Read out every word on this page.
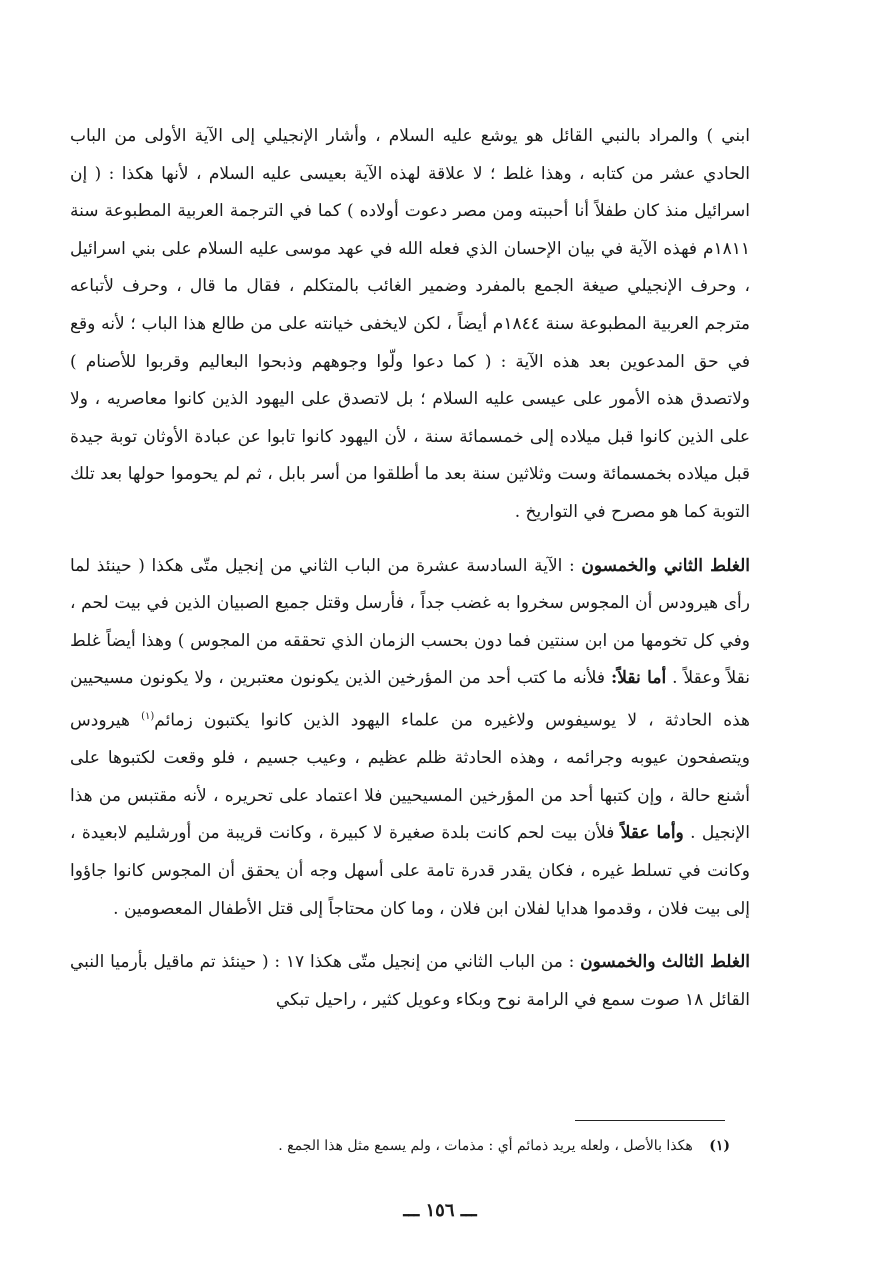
ابني ) والمراد بالنبي القائل هو يوشع عليه السلام ، وأشار الإنجيلي إلى الآية الأولى من الباب الحادي عشر من كتابه ، وهذا غلط ؛ لا علاقة لهذه الآية بعيسى عليه السلام ، لأنها هكذا : ( إن اسرائيل منذ كان طفلاً أنا أحببته ومن مصر دعوت أولاده ) كما في الترجمة العربية المطبوعة سنة ١٨١١م فهذه الآية في بيان الإحسان الذي فعله الله في عهد موسى عليه السلام على بني اسرائيل ، وحرف الإنجيلي صيغة الجمع بالمفرد وضمير الغائب بالمتكلم ، فقال ما قال ، وحرف لأتباعه مترجم العربية المطبوعة سنة ١٨٤٤م أيضاً ، لكن لايخفى خيانته على من طالع هذا الباب ؛ لأنه وقع في حق المدعوين بعد هذه الآية : ( كما دعوا ولّوا وجوههم وذبحوا البعاليم وقربوا للأصنام ) ولاتصدق هذه الأمور على عيسى عليه السلام ؛ بل لاتصدق على اليهود الذين كانوا معاصريه ، ولا على الذين كانوا قبل ميلاده إلى خمسمائة سنة ، لأن اليهود كانوا تابوا عن عبادة الأوثان توبة جيدة قبل ميلاده بخمسمائة وست وثلاثين سنة بعد ما أطلقوا من أسر بابل ، ثم لم يحوموا حولها بعد تلك التوبة كما هو مصرح في التواريخ .

الغلط الثاني والخمسون : الآية السادسة عشرة من الباب الثاني من إنجيل متّى هكذا ( حينئذ لما رأى هيرودس أن المجوس سخروا به غضب جداً ، فأرسل وقتل جميع الصبيان الذين في بيت لحم ، وفي كل تخومها من ابن سنتين فما دون بحسب الزمان الذي تحققه من المجوس ) وهذا أيضاً غلط نقلاً وعقلاً . أما نقلاً: فلأنه ما كتب أحد من المؤرخين الذين يكونون معتبرين ، ولا يكونون مسيحيين هذه الحادثة ، لا يوسيفوس ولاغيره من علماء اليهود الذين كانوا يكتبون زمائم$^{(١)}$ هيرودس ويتصفحون عيوبه وجرائمه ، وهذه الحادثة ظلم عظيم ، وعيب جسيم ، فلو وقعت لكتبوها على أشنع حالة ، وإن كتبها أحد من المؤرخين المسيحيين فلا اعتماد على تحريره ، لأنه مقتبس من هذا الإنجيل . وأما عقلاً فلأن بيت لحم كانت بلدة صغيرة لا كبيرة ، وكانت قريبة من أورشليم لابعيدة ، وكانت في تسلط غيره ، فكان يقدر قدرة تامة على أسهل وجه أن يحقق أن المجوس كانوا جاؤوا إلى بيت فلان ، وقدموا هدايا لفلان ابن فلان ، وما كان محتاجاً إلى قتل الأطفال المعصومين .

الغلط الثالث والخمسون : من الباب الثاني من إنجيل متّى هكذا ١٧ : ( حينئذ تم ماقيل بأرميا النبي القائل ١٨ صوت سمع في الرامة نوح وبكاء وعويل كثير ، راحيل تبكي

(١) هكذا بالأصل ، ولعله يريد ذمائم أي : مذمات ، ولم يسمع مثل هذا الجمع .
ـــ ١٥٦ ـــ
